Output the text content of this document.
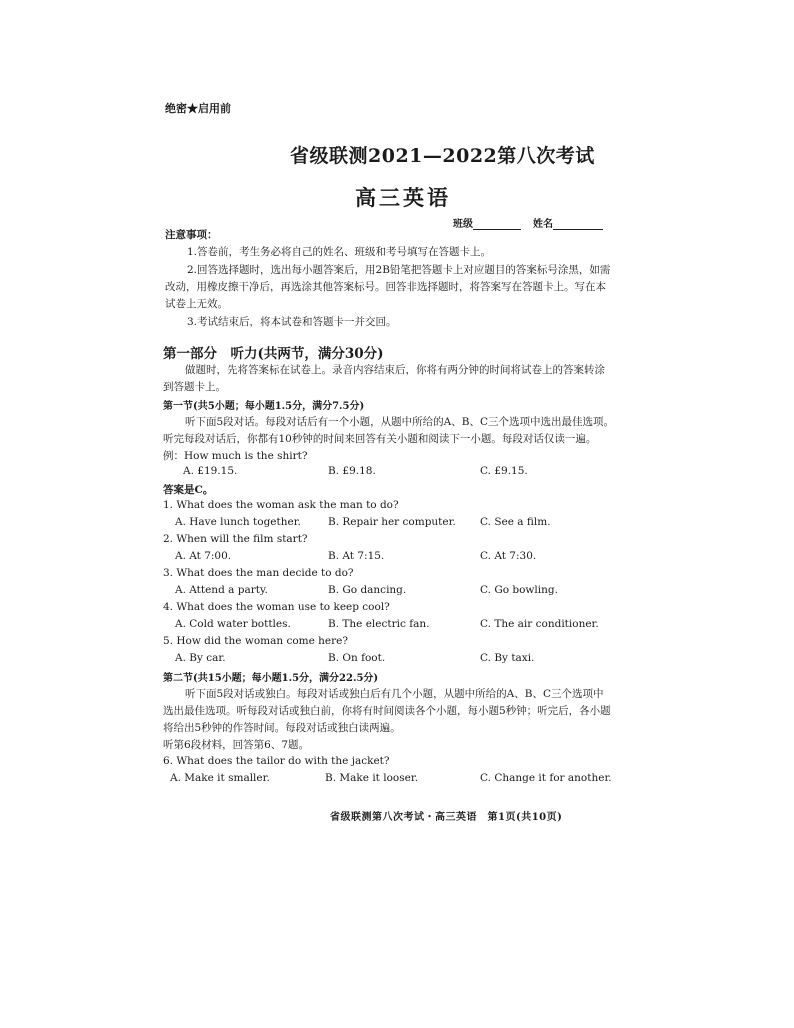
绝密★启用前
省级联测2021—2022第八次考试
高三英语
班级	姓名
注意事项：
1.答卷前，考生务必将自己的姓名、班级和考号填写在答题卡上。
2.回答选择题时，选出每小题答案后，用2B铅笔把答题卡上对应题目的答案标号涂黑，如需
改动，用橡皮擦干净后，再选涂其他答案标号。回答非选择题时，将答案写在答题卡上。写在本
试卷上无效。
3.考试结束后，将本试卷和答题卡一并交回。
第一部分　听力(共两节，满分30分)
做题时，先将答案标在试卷上。录音内容结束后，你将有两分钟的时间将试卷上的答案转涂
到答题卡上。
第一节(共5小题；每小题1.5分，满分7.5分)
听下面5段对话。每段对话后有一个小题，从题中所给的A、B、C三个选项中选出最佳选项。
听完每段对话后，你都有10秒钟的时间来回答有关小题和阅读下一小题。每段对话仅读一遍。
例：How much is the shirt?
A. £19.15.	B. £9.18.	C. £9.15.
答案是C。
1. What does the woman ask the man to do?
A. Have lunch together.	B. Repair her computer. C. See a film.
2. When will the film start?
A. At 7:00.	B. At 7:15.	C. At 7:30.
3. What does the man decide to do?
A. Attend a party.	B. Go dancing.	C. Go bowling.
4. What does the woman use to keep cool?
A. Cold water bottles.	B. The electric fan.	C. The air conditioner.
5. How did the woman come here?
A. By car.	B. On foot.	C. By taxi.
第二节(共15小题；每小题1.5分，满分22.5分)
听下面5段对话或独白。每段对话或独白后有几个小题，从题中所给的A、B、C三个选项中
选出最佳选项。听每段对话或独白前，你将有时间阅读各个小题，每小题5秒钟；听完后，各小题
将给出5秒钟的作答时间。每段对话或独白读两遍。
听第6段材料，回答第6、7题。
6. What does the tailor do with the jacket?
A. Make it smaller.	B. Make it looser.	C. Change it for another.
省级联测第八次考试・高三英语　第1页(共10页)
